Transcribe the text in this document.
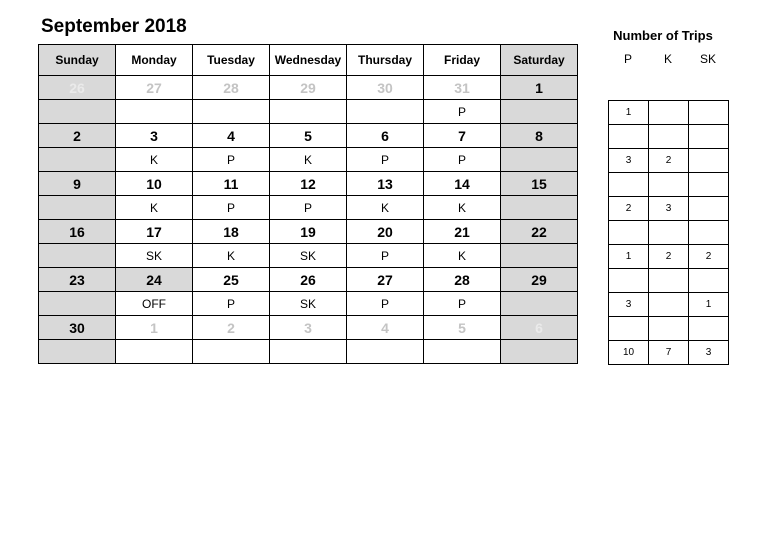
September 2018
Sunday	Monday	Tuesday	Wednesday	Thursday	Friday	Saturday
26	27	28	29	30	31	1
					P	
2	3	4	5	6	7	8
	K	P	K	P	P	
9	10	11	12	13	14	15
	K	P	P	K	K	
16	17	18	19	20	21	22
	SK	K	SK	P	K	
23	24	25	26	27	28	29
	OFF	P	SK	P	P	
30	1	2	3	4	5	6

Number of Trips
P	K	SK
1		

3	2	

2	3	

1	2	2

3		1

10	7	3
